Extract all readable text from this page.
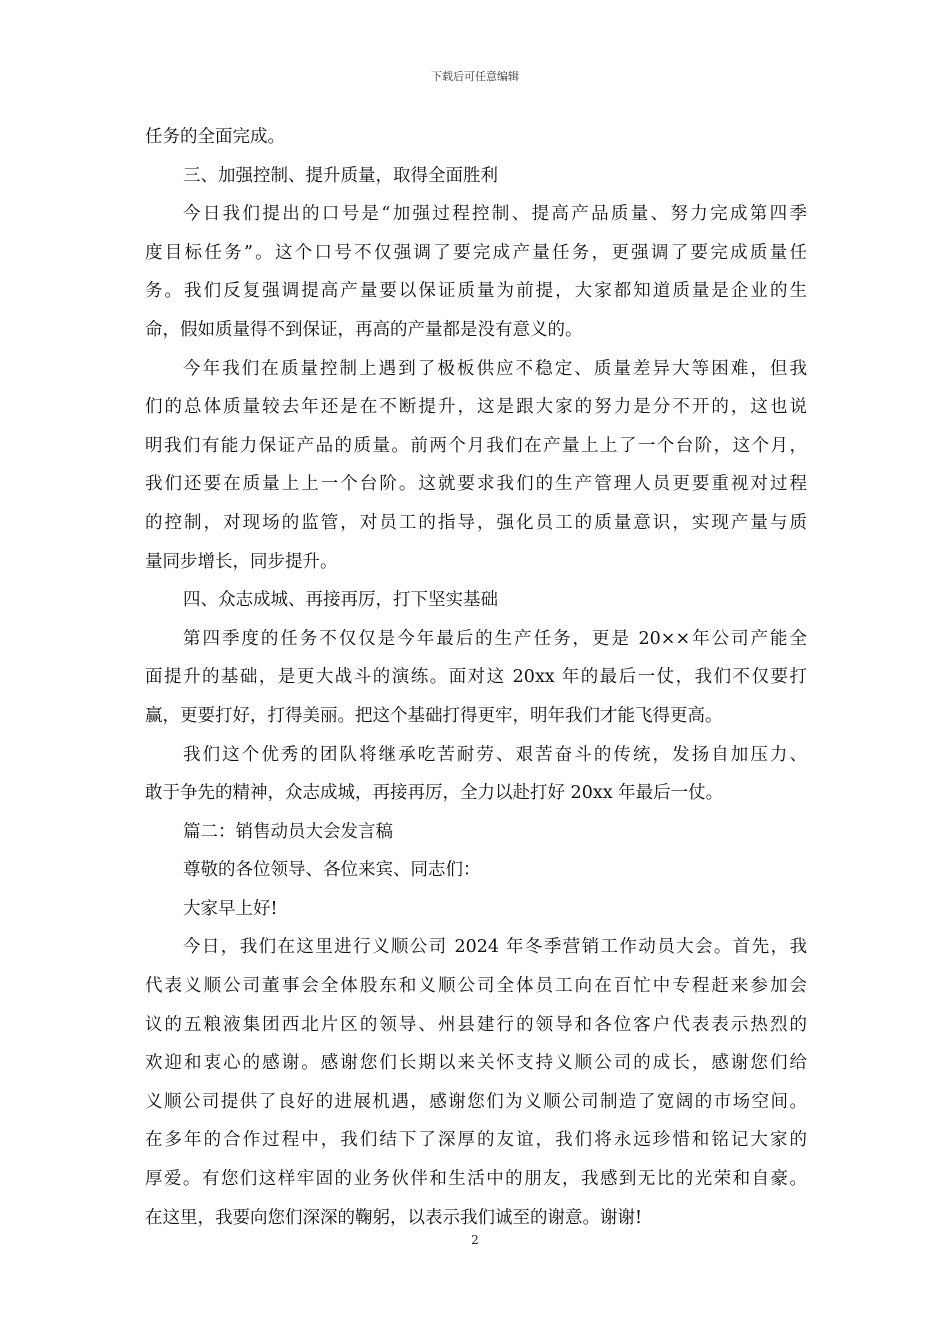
下载后可任意编辑
任务的全面完成。
三、加强控制、提升质量，取得全面胜利
今日我们提出的口号是“加强过程控制、提高产品质量、努力完成第四季
度目标任务”。这个口号不仅强调了要完成产量任务，更强调了要完成质量任
务。我们反复强调提高产量要以保证质量为前提，大家都知道质量是企业的生
命，假如质量得不到保证，再高的产量都是没有意义的。
今年我们在质量控制上遇到了极板供应不稳定、质量差异大等困难，但我
们的总体质量较去年还是在不断提升，这是跟大家的努力是分不开的，这也说
明我们有能力保证产品的质量。前两个月我们在产量上上了一个台阶，这个月，
我们还要在质量上上一个台阶。这就要求我们的生产管理人员更要重视对过程
的控制，对现场的监管，对员工的指导，强化员工的质量意识，实现产量与质
量同步增长，同步提升。
四、众志成城、再接再厉，打下坚实基础
第四季度的任务不仅仅是今年最后的生产任务，更是 20××年公司产能全
面提升的基础，是更大战斗的演练。面对这 20xx 年的最后一仗，我们不仅要打
赢，更要打好，打得美丽。把这个基础打得更牢，明年我们才能飞得更高。
我们这个优秀的团队将继承吃苦耐劳、艰苦奋斗的传统，发扬自加压力、
敢于争先的精神，众志成城，再接再厉，全力以赴打好 20xx 年最后一仗。
篇二：销售动员大会发言稿
尊敬的各位领导、各位来宾、同志们：
大家早上好!
今日，我们在这里进行义顺公司 2024 年冬季营销工作动员大会。首先，我
代表义顺公司董事会全体股东和义顺公司全体员工向在百忙中专程赶来参加会
议的五粮液集团西北片区的领导、州县建行的领导和各位客户代表表示热烈的
欢迎和衷心的感谢。感谢您们长期以来关怀支持义顺公司的成长，感谢您们给
义顺公司提供了良好的进展机遇，感谢您们为义顺公司制造了宽阔的市场空间。
在多年的合作过程中，我们结下了深厚的友谊，我们将永远珍惜和铭记大家的
厚爱。有您们这样牢固的业务伙伴和生活中的朋友，我感到无比的光荣和自豪。
在这里，我要向您们深深的鞠躬，以表示我们诚至的谢意。谢谢!
2
